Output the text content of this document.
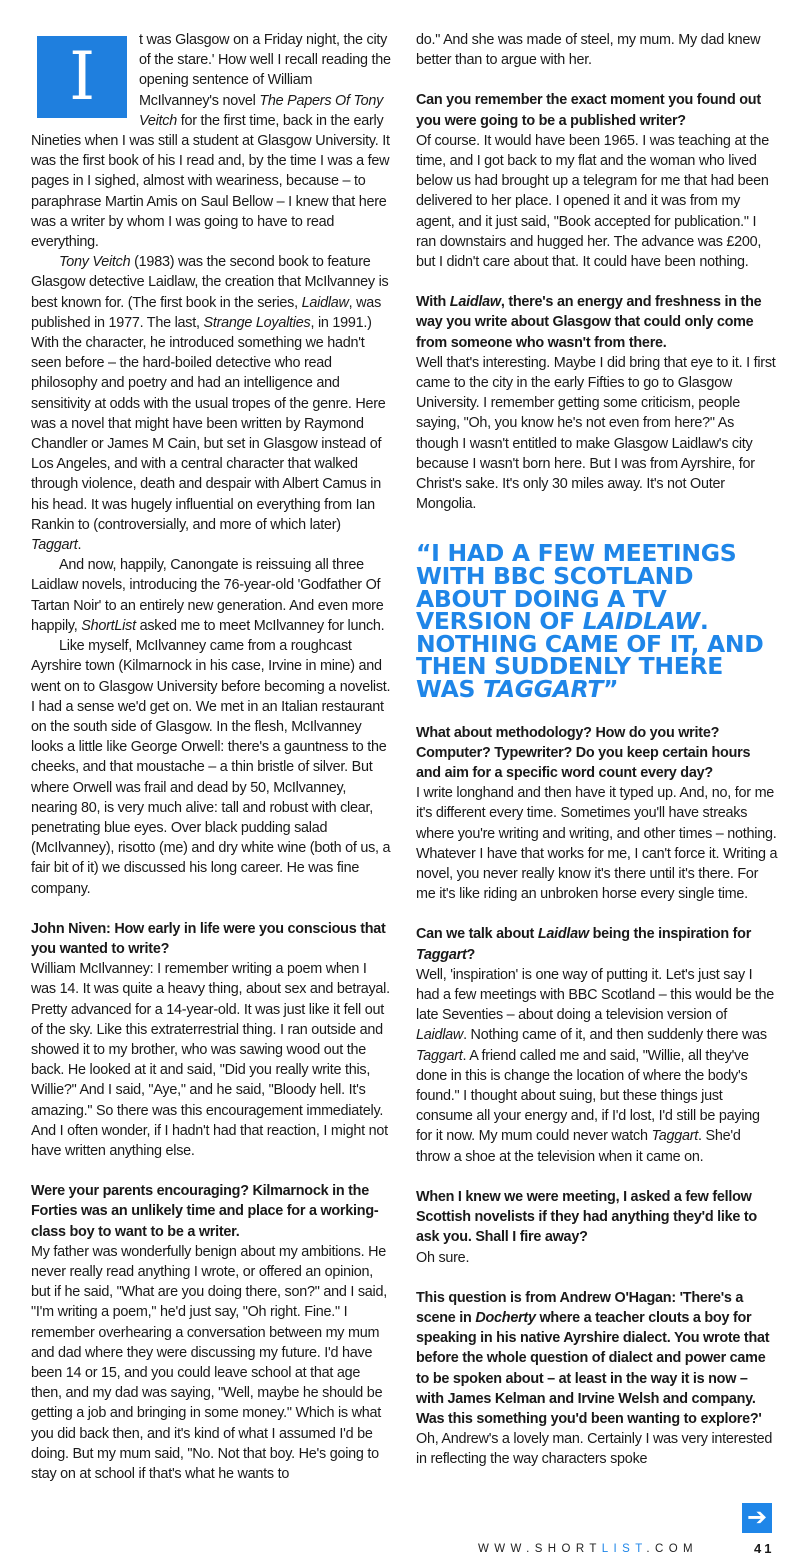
I	t was Glasgow on a Friday night, the city of the stare.' How well I recall reading the opening sentence of William McIlvanney's novel The Papers Of Tony Veitch for the first time, back in the early Nineties when I was still a student at Glasgow University. It was the first book of his I read and, by the time I was a few pages in I sighed, almost with weariness, because – to paraphrase Martin Amis on Saul Bellow – I knew that here was a writer by whom I was going to have to read everything.

Tony Veitch (1983) was the second book to feature Glasgow detective Laidlaw, the creation that McIlvanney is best known for. (The first book in the series, Laidlaw, was published in 1977. The last, Strange Loyalties, in 1991.) With the character, he introduced something we hadn't seen before – the hard-boiled detective who read philosophy and poetry and had an intelligence and sensitivity at odds with the usual tropes of the genre. Here was a novel that might have been written by Raymond Chandler or James M Cain, but set in Glasgow instead of Los Angeles, and with a central character that walked through violence, death and despair with Albert Camus in his head. It was hugely influential on everything from Ian Rankin to (controversially, and more of which later) Taggart.

And now, happily, Canongate is reissuing all three Laidlaw novels, introducing the 76-year-old 'Godfather Of Tartan Noir' to an entirely new generation. And even more happily, ShortList asked me to meet McIlvanney for lunch.

Like myself, McIlvanney came from a roughcast Ayrshire town (Kilmarnock in his case, Irvine in mine) and went on to Glasgow University before becoming a novelist. I had a sense we'd get on. We met in an Italian restaurant on the south side of Glasgow. In the flesh, McIlvanney looks a little like George Orwell: there's a gauntness to the cheeks, and that moustache – a thin bristle of silver. But where Orwell was frail and dead by 50, McIlvanney, nearing 80, is very much alive: tall and robust with clear, penetrating blue eyes. Over black pudding salad (McIlvanney), risotto (me) and dry white wine (both of us, a fair bit of it) we discussed his long career. He was fine company.

John Niven: How early in life were you conscious that you wanted to write?

William McIlvanney: I remember writing a poem when I was 14. It was quite a heavy thing, about sex and betrayal. Pretty advanced for a 14-year-old. It was just like it fell out of the sky. Like this extraterrestrial thing. I ran outside and showed it to my brother, who was sawing wood out the back. He looked at it and said, "Did you really write this, Willie?" And I said, "Aye," and he said, "Bloody hell. It's amazing." So there was this encouragement immediately. And I often wonder, if I hadn't had that reaction, I might not have written anything else.

Were your parents encouraging? Kilmarnock in the Forties was an unlikely time and place for a working-class boy to want to be a writer.

My father was wonderfully benign about my ambitions. He never really read anything I wrote, or offered an opinion, but if he said, "What are you doing there, son?" and I said, "I'm writing a poem," he'd just say, "Oh right. Fine." I remember overhearing a conversation between my mum and dad where they were discussing my future. I'd have been 14 or 15, and you could leave school at that age then, and my dad was saying, "Well, maybe he should be getting a job and bringing in some money." Which is what you did back then, and it's kind of what I assumed I'd be doing. But my mum said, "No. Not that boy. He's going to stay on at school if that's what he wants to

do." And she was made of steel, my mum. My dad knew better than to argue with her.

Can you remember the exact moment you found out you were going to be a published writer?

Of course. It would have been 1965. I was teaching at the time, and I got back to my flat and the woman who lived below us had brought up a telegram for me that had been delivered to her place. I opened it and it was from my agent, and it just said, "Book accepted for publication." I ran downstairs and hugged her. The advance was £200, but I didn't care about that. It could have been nothing.

With Laidlaw, there's an energy and freshness in the way you write about Glasgow that could only come from someone who wasn't from there.

Well that's interesting. Maybe I did bring that eye to it. I first came to the city in the early Fifties to go to Glasgow University. I remember getting some criticism, people saying, "Oh, you know he's not even from here?" As though I wasn't entitled to make Glasgow Laidlaw's city because I wasn't born here. But I was from Ayrshire, for Christ's sake. It's only 30 miles away. It's not Outer Mongolia.

“I HAD A FEW MEETINGS WITH BBC SCOTLAND ABOUT DOING A TV VERSION OF LAIDLAW. NOTHING CAME OF IT, AND THEN SUDDENLY THERE WAS TAGGART”

What about methodology? How do you write? Computer? Typewriter? Do you keep certain hours and aim for a specific word count every day?

I write longhand and then have it typed up. And, no, for me it's different every time. Sometimes you'll have streaks where you're writing and writing, and other times – nothing. Whatever I have that works for me, I can't force it. Writing a novel, you never really know it's there until it's there. For me it's like riding an unbroken horse every single time.

Can we talk about Laidlaw being the inspiration for Taggart?

Well, 'inspiration' is one way of putting it. Let's just say I had a few meetings with BBC Scotland – this would be the late Seventies – about doing a television version of Laidlaw. Nothing came of it, and then suddenly there was Taggart. A friend called me and said, "Willie, all they've done in this is change the location of where the body's found." I thought about suing, but these things just consume all your energy and, if I'd lost, I'd still be paying for it now. My mum could never watch Taggart. She'd throw a shoe at the television when it came on.

When I knew we were meeting, I asked a few fellow Scottish novelists if they had anything they'd like to ask you. Shall I fire away?

Oh sure.

This question is from Andrew O'Hagan: 'There's a scene in Docherty where a teacher clouts a boy for speaking in his native Ayrshire dialect. You wrote that before the whole question of dialect and power came to be spoken about – at least in the way it is now – with James Kelman and Irvine Welsh and company. Was this something you'd been wanting to explore?'

Oh, Andrew's a lovely man. Certainly I was very interested in reflecting the way characters spoke

➔
WWW.SHORTLIST.COM	41
